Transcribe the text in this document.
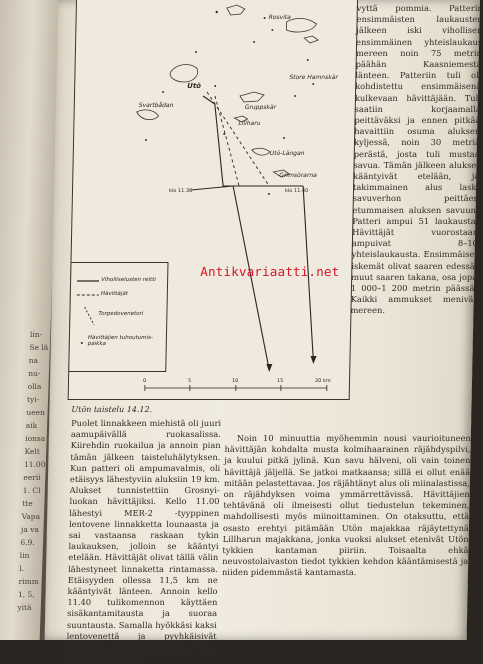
Rosvita
Utö
Store Hamnskär
Svartbådan	Gruppskär
Lillharu
Utö-Längan
Grimsörarna
klo 11.36	klo 11.40
0	5	10	15	20 km
Viholliselusten reitti
Hävittäjät
Torpedovenetori
Hävittäjien tuhoutumis-paikka
Antikvariaatti.net
Utön taistelu 14.12.

vyttä pommia. Patterin ensimmäisten laukausten jälkeen iski vihollisen ensimmäinen yhteislaukaus mereen noin 75 metrin päähän Kaasniemestä länteen. Patteriin tuli oli kohdistettu ensimmäisenä kulkevaan hävittäjään. Tuli saatiin korjaamalla peittäväksi ja ennen pitkää havaittiin osuma aluksen kyljessä, noin 30 metriä perästä, josta tuli mustaa savua. Tämän jälkeen alukset kääntyivät etelään, ja takimmainen alus laski savuverhon peittäen etummaisen aluksen savuun. Patteri ampui 51 laukausta. Hävittäjät vuorostaan ampuivat 8–10 yhteislaukausta. Ensimmäiset iskemät olivat saaren edessä, muut saaren takana, osa jopa 1 000–1 200 metrin päässä. Kaikki ammukset menivät mereen.

Puolet linnakkeen miehistä oli juuri aamupäivällä ruokasalissa. Kiirehdin ruokailua ja annoin pian tämän jälkeen taisteluhälytyksen. Kun patteri oli ampumavalmis, oli etäisyys lähestyviin aluksiin 19 km. Alukset tunnistettiin Grosnyi-luokan hävittäjiksi. Kello 11.00 lähestyi MER-2 -tyyppinen lentovene linnakketta lounaasta ja sai vastaansa raskaan tykin laukauksen, jolloin se kääntyi etelään. Hävittäjät olivat tällä välin lähestyneet linnaketta rintamassa. Etäisyyden ollessa 11,5 km ne kääntyivät länteen. Annoin kello 11.40 tulikomennon käyttäen sisäkantamitausta ja suoraa suuntausta. Samalla hyökkäsi kaksi lentovenettä ja pyyhkäisivät patteria konekivääritulella sekä pudottivat 3–4 ke-

Noin 10 minuuttia myöhemmin nousi vaurioituneen hävittäjän kohdalta musta kolmihaarainen räjähdyspilvi, ja kuului pitkä jylinä. Kun savu hälveni, oli vain toinen hävittäjä jäljellä. Se jatkoi matkaansa; sillä ei ollut enää mitään pelastettavaa. Jos räjähtänyt alus oli miinalastissa, on räjähdyksen voima ymmärrettävissä. Hävittäjien tehtävänä oli ilmeisesti ollut tiedustelun tekeminen, mahdollisesti myös miinoittaminen. On otaksuttu, että osasto erehtyi pitämään Utön majakkaa räjäytettynä Lillharun majakkana, jonka vuoksi alukset etenivät Utön tykkien kantaman piiriin. Toisaalta ehkä neuvostolaivaston tiedot tykkien kehdon kääntämisestä ja niiden pidemmästä kantamasta.

lin-
Se lä
na
nu-
olla
tyi-
ueen
aik
ionsa
Kelt
11.00
eerii
1. Cl
tte
Vapa
ja va
6.9.
lin
l.
rimm
1, 5,
yitä
